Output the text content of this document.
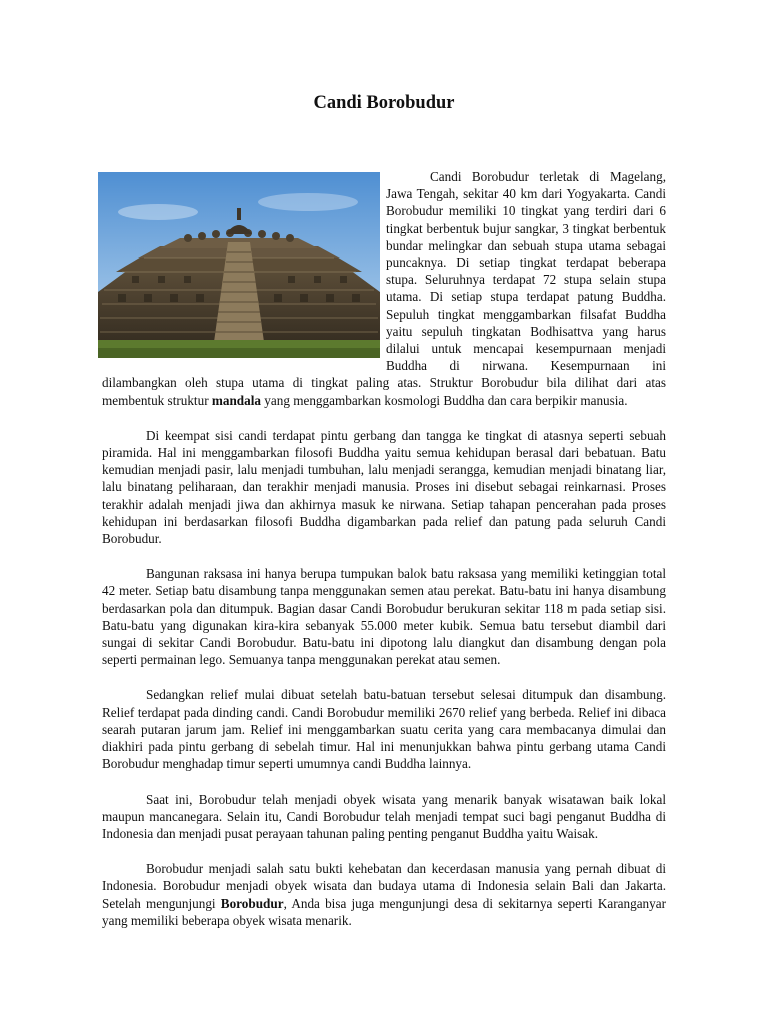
Candi Borobudur

Candi Borobudur terletak di Magelang, Jawa Tengah, sekitar 40 km dari Yogyakarta. Candi Borobudur memiliki 10 tingkat yang terdiri dari 6 tingkat berbentuk bujur sangkar, 3 tingkat berbentuk bundar melingkar dan sebuah stupa utama sebagai puncaknya. Di setiap tingkat terdapat beberapa stupa. Seluruhnya terdapat 72 stupa selain stupa utama. Di setiap stupa terdapat patung Buddha. Sepuluh tingkat menggambarkan filsafat Buddha yaitu sepuluh tingkatan Bodhisattva yang harus dilalui untuk mencapai kesempurnaan menjadi Buddha di nirwana. Kesempurnaan ini dilambangkan oleh stupa utama di tingkat paling atas. Struktur Borobudur bila dilihat dari atas membentuk struktur mandala yang menggambarkan kosmologi Buddha dan cara berpikir manusia.

Di keempat sisi candi terdapat pintu gerbang dan tangga ke tingkat di atasnya seperti sebuah piramida. Hal ini menggambarkan filosofi Buddha yaitu semua kehidupan berasal dari bebatuan. Batu kemudian menjadi pasir, lalu menjadi tumbuhan, lalu menjadi serangga, kemudian menjadi binatang liar, lalu binatang peliharaan, dan terakhir menjadi manusia. Proses ini disebut sebagai reinkarnasi. Proses terakhir adalah menjadi jiwa dan akhirnya masuk ke nirwana. Setiap tahapan pencerahan pada proses kehidupan ini berdasarkan filosofi Buddha digambarkan pada relief dan patung pada seluruh Candi Borobudur.

Bangunan raksasa ini hanya berupa tumpukan balok batu raksasa yang memiliki ketinggian total 42 meter. Setiap batu disambung tanpa menggunakan semen atau perekat. Batu-batu ini hanya disambung berdasarkan pola dan ditumpuk. Bagian dasar Candi Borobudur berukuran sekitar 118 m pada setiap sisi. Batu-batu yang digunakan kira-kira sebanyak 55.000 meter kubik. Semua batu tersebut diambil dari sungai di sekitar Candi Borobudur. Batu-batu ini dipotong lalu diangkut dan disambung dengan pola seperti permainan lego. Semuanya tanpa menggunakan perekat atau semen.

Sedangkan relief mulai dibuat setelah batu-batuan tersebut selesai ditumpuk dan disambung. Relief terdapat pada dinding candi. Candi Borobudur memiliki 2670 relief yang berbeda. Relief ini dibaca searah putaran jarum jam. Relief ini menggambarkan suatu cerita yang cara membacanya dimulai dan diakhiri pada pintu gerbang di sebelah timur. Hal ini menunjukkan bahwa pintu gerbang utama Candi Borobudur menghadap timur seperti umumnya candi Buddha lainnya.

Saat ini, Borobudur telah menjadi obyek wisata yang menarik banyak wisatawan baik lokal maupun mancanegara. Selain itu, Candi Borobudur telah menjadi tempat suci bagi penganut Buddha di Indonesia dan menjadi pusat perayaan tahunan paling penting penganut Buddha yaitu Waisak.

Borobudur menjadi salah satu bukti kehebatan dan kecerdasan manusia yang pernah dibuat di Indonesia. Borobudur menjadi obyek wisata dan budaya utama di Indonesia selain Bali dan Jakarta. Setelah mengunjungi Borobudur, Anda bisa juga mengunjungi desa di sekitarnya seperti Karanganyar yang memiliki beberapa obyek wisata menarik.
